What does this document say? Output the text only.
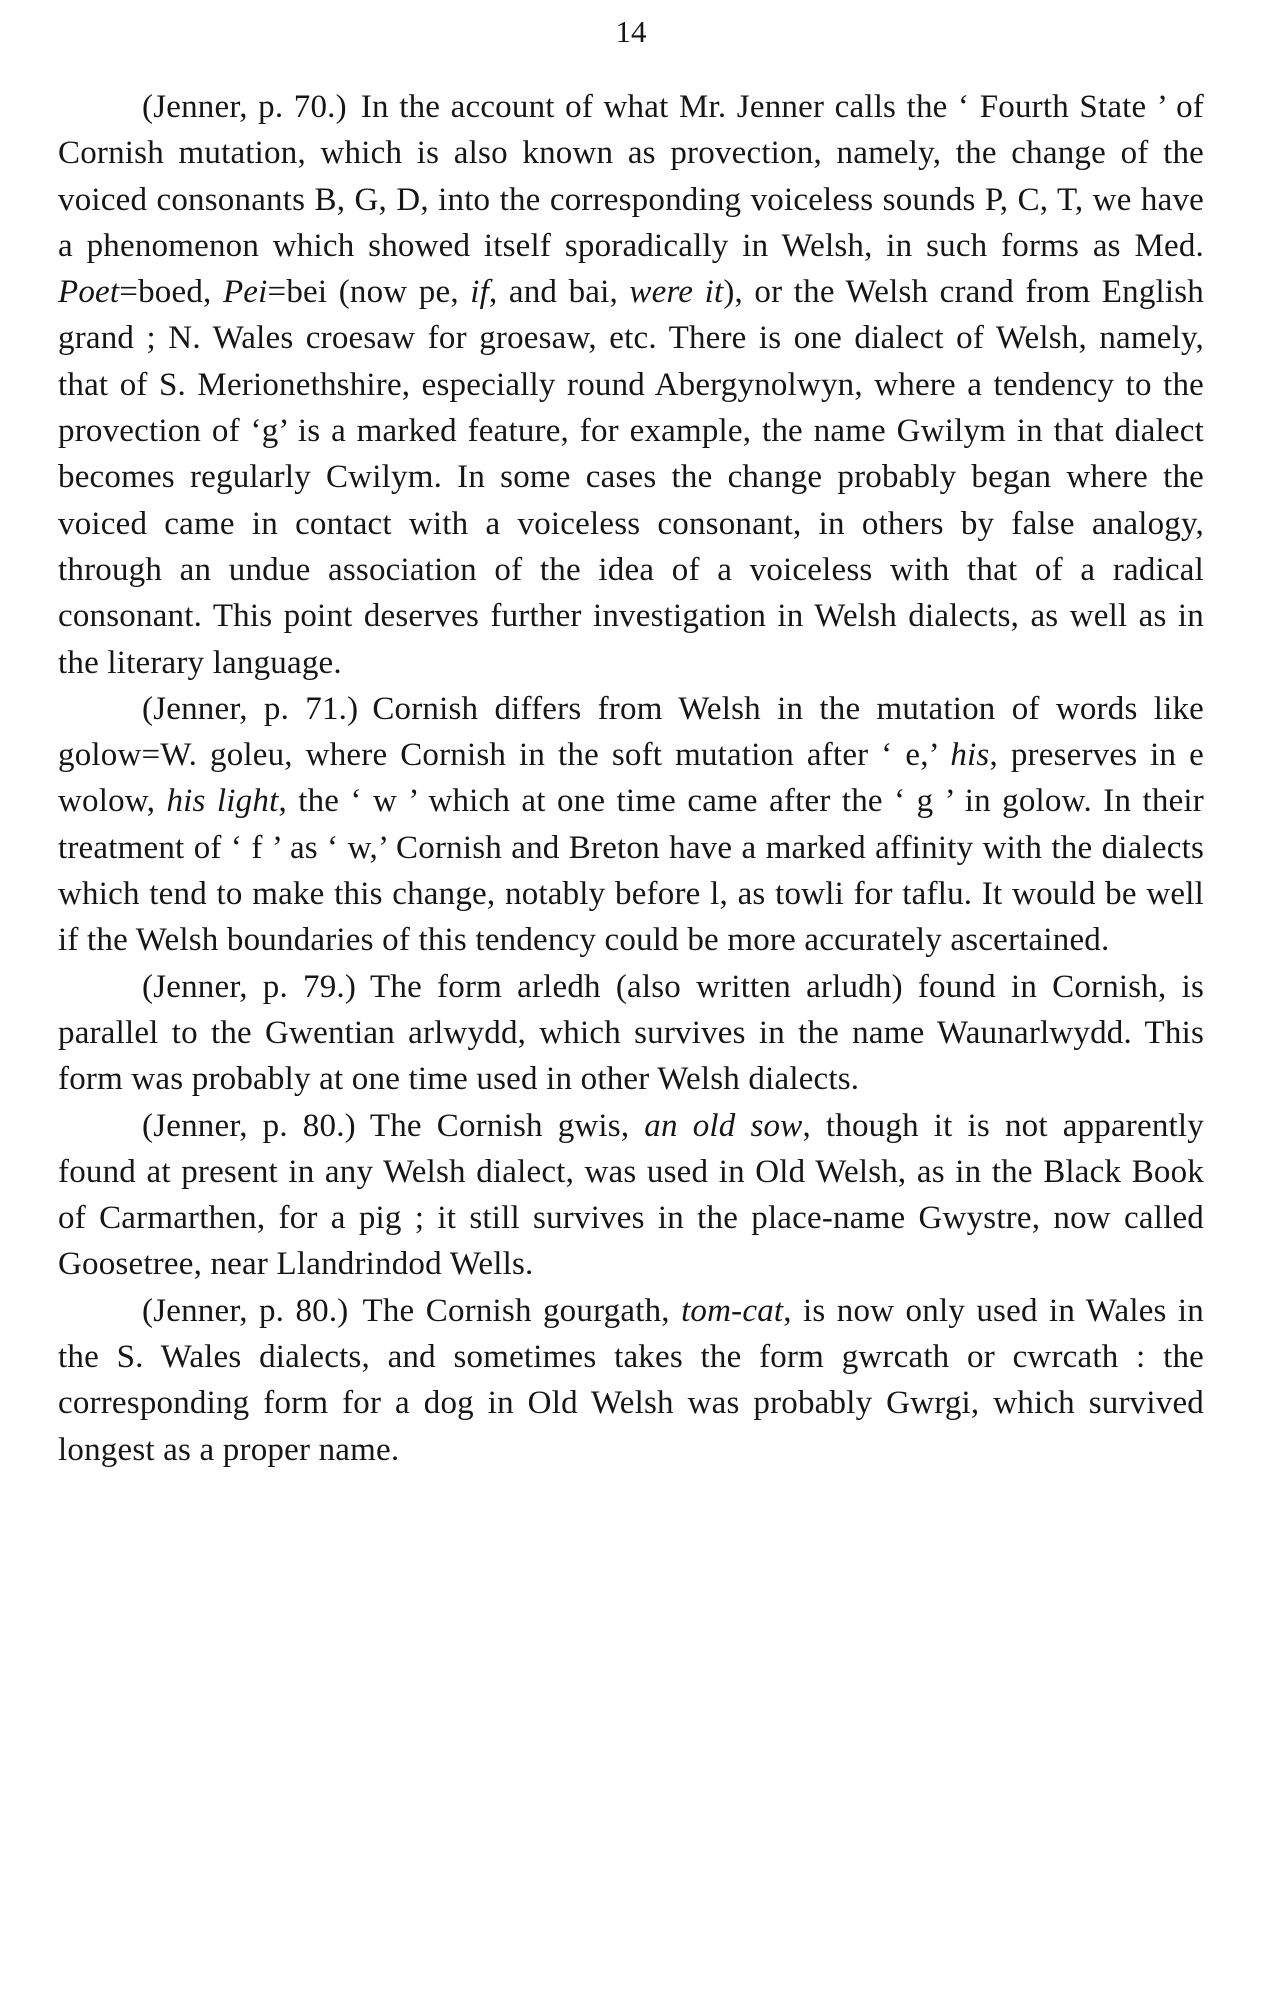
14

(Jenner, p. 70.) In the account of what Mr. Jenner calls the ‘ Fourth State ’ of Cornish mutation, which is also known as provection, namely, the change of the voiced consonants B, G, D, into the corresponding voiceless sounds P, C, T, we have a phenomenon which showed itself sporadically in Welsh, in such forms as Med. Poet=boed, Pei=bei (now pe, if, and bai, were it), or the Welsh crand from English grand ; N. Wales croesaw for groesaw, etc. There is one dialect of Welsh, namely, that of S. Merionethshire, especially round Abergynolwyn, where a tendency to the provection of ‘g’ is a marked feature, for example, the name Gwilym in that dialect becomes regularly Cwilym. In some cases the change probably began where the voiced came in contact with a voiceless consonant, in others by false analogy, through an undue association of the idea of a voiceless with that of a radical consonant. This point deserves further investigation in Welsh dialects, as well as in the literary language.

(Jenner, p. 71.) Cornish differs from Welsh in the mutation of words like golow=W. goleu, where Cornish in the soft mutation after ‘ e,’ his, preserves in e wolow, his light, the ‘ w ’ which at one time came after the ‘ g ’ in golow. In their treatment of ‘ f ’ as ‘ w,’ Cornish and Breton have a marked affinity with the dialects which tend to make this change, notably before l, as towli for taflu. It would be well if the Welsh boundaries of this tendency could be more accurately ascertained.

(Jenner, p. 79.) The form arledh (also written arludh) found in Cornish, is parallel to the Gwentian arlwydd, which survives in the name Waunarlwydd. This form was probably at one time used in other Welsh dialects.

(Jenner, p. 80.) The Cornish gwis, an old sow, though it is not apparently found at present in any Welsh dialect, was used in Old Welsh, as in the Black Book of Carmarthen, for a pig ; it still survives in the place-name Gwystre, now called Goosetree, near Llandrindod Wells.

(Jenner, p. 80.) The Cornish gourgath, tom-cat, is now only used in Wales in the S. Wales dialects, and sometimes takes the form gwrcath or cwrcath : the corresponding form for a dog in Old Welsh was probably Gwrgi, which survived longest as a proper name.
